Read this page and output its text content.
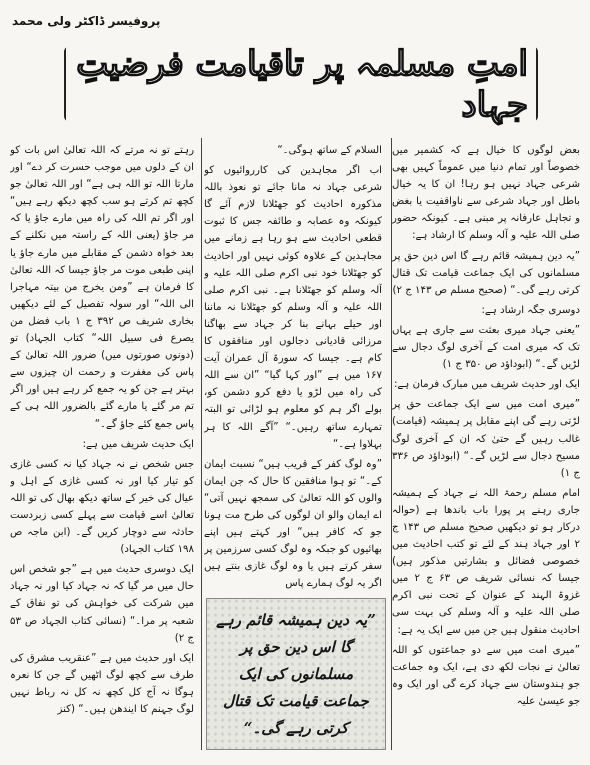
پروفیسر ڈاکٹر ولی محمد
امتِ مسلمہ پر تاقیامت فرضیتِ جہاد

بعض لوگوں کا خیال ہے کہ کشمیر میں خصوصاً اور تمام دنیا میں عموماً کہیں بھی شرعی جہاد نہیں ہو رہا! ان کا یہ خیال باطل اور جہاد شرعی سے ناواقفیت یا بغض و تجاہل عارفانہ پر مبنی ہے۔ کیونکہ حضور صلی اللہ علیہ و آلہ وسلم کا ارشاد ہے:

”یہ دین ہمیشہ قائم رہے گا اس دین حق پر مسلمانوں کی ایک جماعت قیامت تک قتال کرتی رہے گی۔“ (صحیح مسلم ص ۱۴۳ ج ۲)

دوسری جگہ ارشاد ہے:

”یعنی جہاد میری بعثت سے جاری ہے یہاں تک کہ میری امت کے آخری لوگ دجال سے لڑیں گے۔“ (ابوداؤد ص ۳۵۰ ج ۱)

ایک اور حدیث شریف میں مبارک فرمان ہے:

”میری امت میں سے ایک جماعت حق پر لڑتی رہے گی اپنے مقابل پر ہمیشہ (قیامت) غالب رہیں گے حتیٰ کہ ان کے آخری لوگ مسیح دجال سے لڑیں گے۔“ (ابوداؤد ص ۳۳۶ ج ۱)

امام مسلم رحمۃ اللہ نے جہاد کے ہمیشہ جاری رہنے پر پورا باب باندھا ہے (حوالہ درکار ہو تو دیکھیں صحیح مسلم ص ۱۴۳ ج ۲ اور جہاد ہند کے لئے تو کتب احادیث میں خصوصی فضائل و بشارتیں مذکور ہیں) جیسا کہ نسائی شریف ص ۶۳ ج ۲ میں غزوۃ الہند کے عنوان کے تحت نبی اکرم صلی اللہ علیہ و آلہ وسلم کی بہت سی احادیث منقول ہیں جن میں سے ایک یہ ہے:

”میری امت میں سے دو جماعتوں کو اللہ تعالیٰ نے نجات لکھ دی ہے، ایک وہ جماعت جو ہندوستان سے جہاد کرے گی اور ایک وہ جو عیسیٰ علیہ

السلام کے ساتھ ہوگی۔“

اب اگر مجاہدین کی کارروائیوں کو شرعی جہاد نہ مانا جائے تو نعوذ باللہ مذکورہ احادیث کو جھٹلانا لازم آئے گا کیونکہ وہ عصابہ و طائفہ جس کا ثبوت قطعی احادیث سے ہو رہا ہے زمانے میں مجاہدین کے علاوہ کوئی نہیں اور احادیث کو جھٹلانا خود نبی اکرم صلی اللہ علیہ و آلہ وسلم کو جھٹلانا ہے۔ نبی اکرم صلی اللہ علیہ و آلہ وسلم کو جھٹلانا نہ ماننا اور حیلے بہانے بنا کر جہاد سے بھاگنا مرزائی قادیانی دجالوں اور منافقوں کا کام ہے۔ جیسا کہ سورۃ آل عمران آیت ۱۶۷ میں ہے ”اور کہا گیا“ ”ان سے اللہ کی راہ میں لڑو یا دفع کرو دشمن کو، بولے اگر ہم کو معلوم ہو لڑائی تو البتہ تمہارے ساتھ رہیں۔“ ”آگے اللہ کا ہر بہلاوا ہے۔“

”وہ لوگ کفر کے قریب ہیں“ نسبت ایمان کے۔“ تو ہوا منافقین کا حال کہ جن ایمان والوں کو اللہ تعالیٰ کی سمجھ نہیں آتی“ اے ایمان والو ان لوگوں کی طرح مت ہونا جو کہ کافر ہیں“ اور کہتے ہیں اپنے بھائیوں کو جبکہ وہ لوگ کسی سرزمین پر سفر کرتے ہیں یا وہ لوگ غازی بنتے ہیں اگر یہ لوگ ہمارے پاس

رہتے تو نہ مرتے کہ اللہ تعالیٰ اس بات کو ان کے دلوں میں موجب حسرت کر دے“ اور مارتا اللہ تو اللہ ہی ہے“ اور اللہ تعالیٰ جو کچھ تم کرتے ہو سب کچھ دیکھ رہے ہیں“ اور اگر تم اللہ کی راہ میں مارے جاؤ یا کہ مر جاؤ (یعنی اللہ کے راستہ میں نکلنے کے بعد خواہ دشمن کے مقابلے میں مارے جاؤ یا اپنی طبعی موت مر جاؤ جیسا کہ اللہ تعالیٰ کا فرمان ہے ”ومن یخرج من بیتہ مہاجرا الی اللہ“ اور سولہ تفصیل کے لئے دیکھیں بخاری شریف ص ۳۹۲ ج ۱ باب فضل من یصرع فی سبیل اللہ“ کتاب الجہاد) تو (دونوں صورتوں میں) ضرور اللہ تعالیٰ کے پاس کی مغفرت و رحمت ان چیزوں سے بہتر ہے جن کو یہ جمع کر رہے ہیں اور اگر تم مر گئے یا مارے گئے بالضرور اللہ ہی کے پاس جمع کئے جاؤ گے۔“

ایک حدیث شریف میں ہے:

جس شخص نے نہ جہاد کیا نہ کسی غازی کو تیار کیا اور نہ کسی غازی کے اہل و عیال کی خیر کے ساتھ دیکھ بھال کی تو اللہ تعالیٰ اسے قیامت سے پہلے کسی زبردست حادثہ سے دوچار کریں گے۔ (ابن ماجہ ص ۱۹۸ کتاب الجہاد)

ایک دوسری حدیث میں ہے ”جو شخص اس حال میں مر گیا کہ نہ جہاد کیا اور نہ جہاد میں شرکت کی خواہش کی تو نفاق کے شعبہ پر مرا۔“ (نسائی کتاب الجہاد ص ۵۳ ج ۲)

ایک اور حدیث میں ہے ”عنقریب مشرق کی طرف سے کچھ لوگ اٹھیں گے جن کا نعرہ ہوگا نہ آج کل کچھ نہ کل نہ رباط نہیں لوگ جہنم کا ایندھن ہیں۔“ (کنز

”یہ دین ہمیشہ قائم رہے گا اس دین حق پر مسلمانوں کی ایک جماعت قیامت تک قتال کرتی رہے گی۔“
